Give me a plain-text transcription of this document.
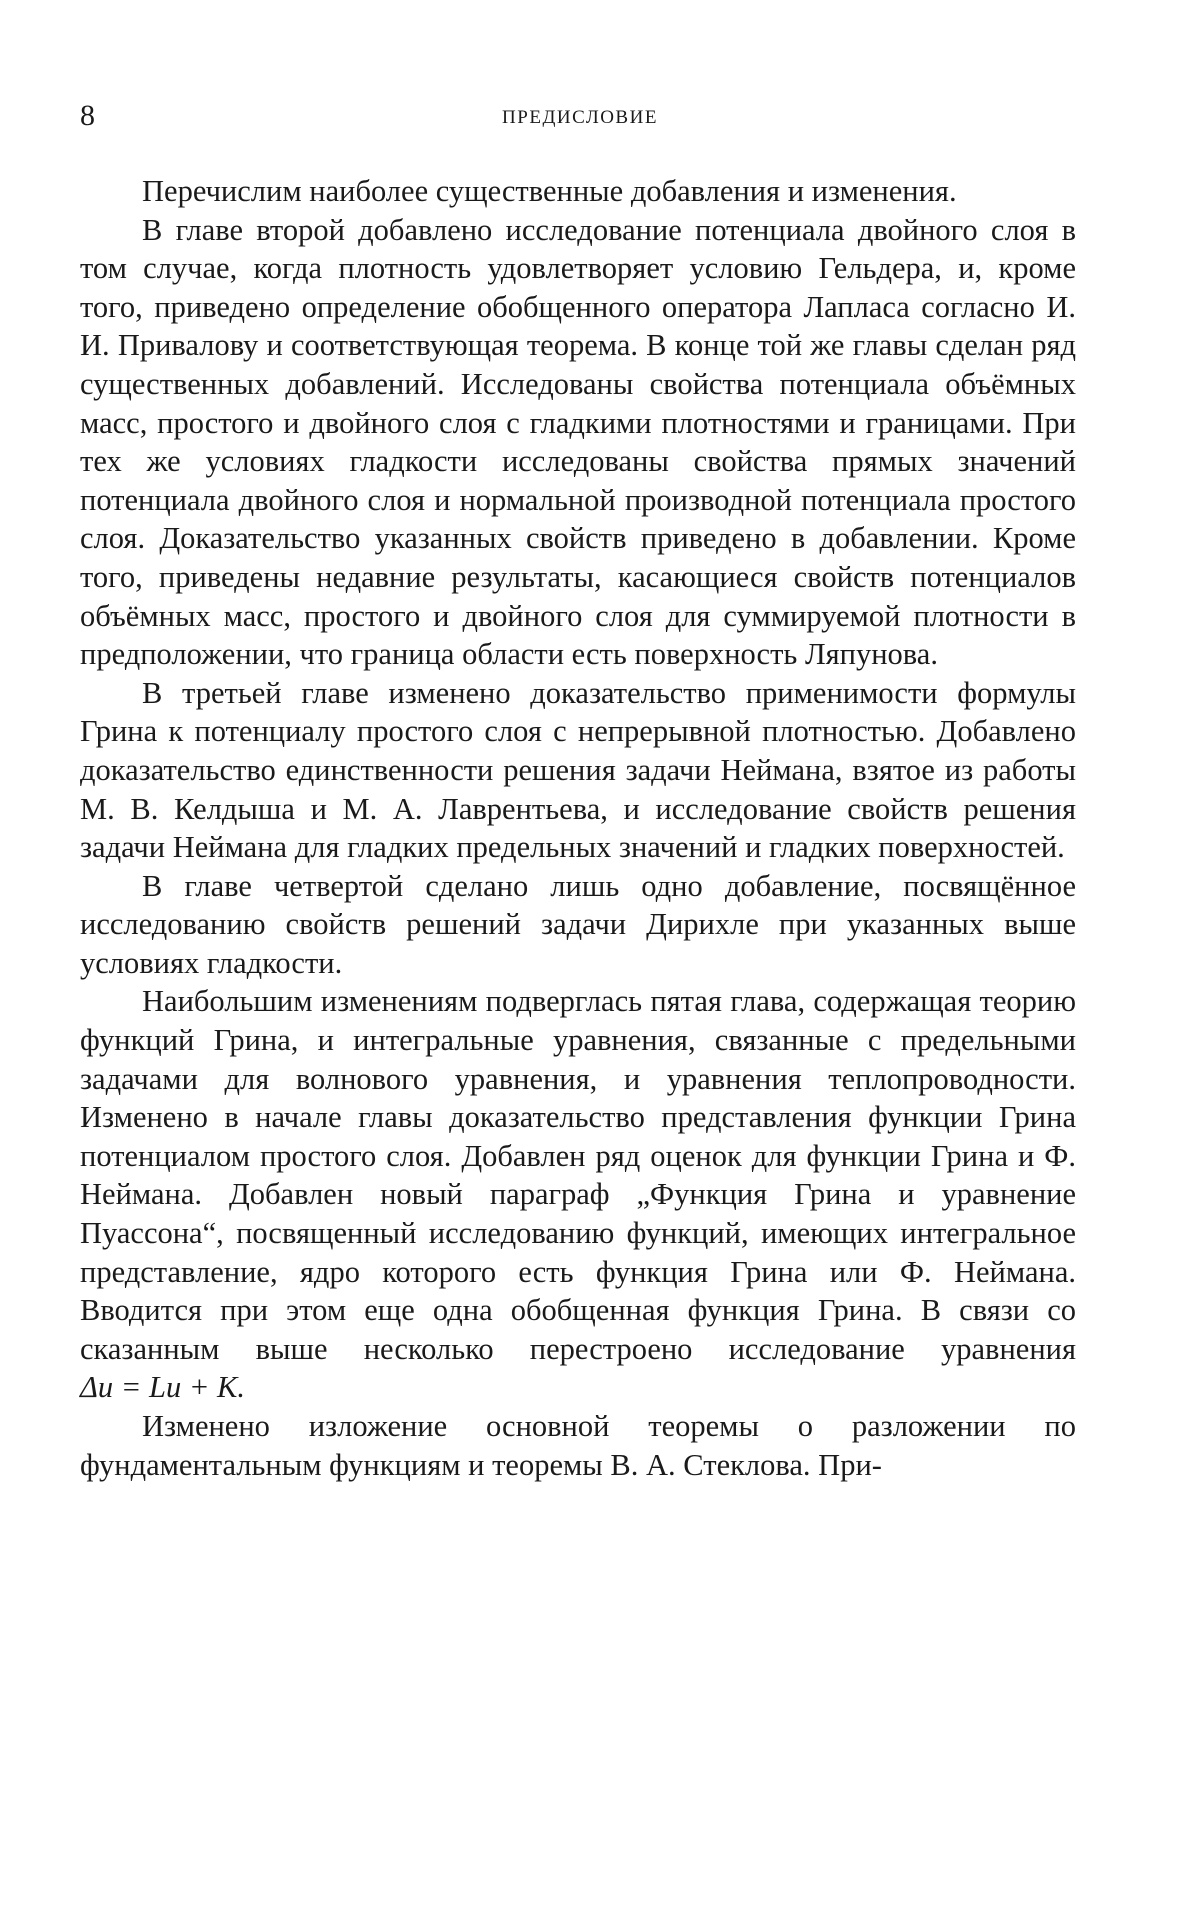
8	ПРЕДИСЛОВИЕ

Перечислим наиболее существенные добавления и изменения.

В главе второй добавлено исследование потенциала двойного слоя в том случае, когда плотность удовлетворяет условию Гельдера, и, кроме того, приведено определение обобщенного оператора Лапласа согласно И. И. Привалову и соответствующая теорема. В конце той же главы сделан ряд существенных добавлений. Исследованы свойства потенциала объёмных масс, простого и двойного слоя с гладкими плотностями и границами. При тех же условиях гладкости исследованы свойства прямых значений потенциала двойного слоя и нормальной производной потенциала простого слоя. Доказательство указанных свойств приведено в добавлении. Кроме того, приведены недавние результаты, касающиеся свойств потенциалов объёмных масс, простого и двойного слоя для суммируемой плотности в предположении, что граница области есть поверхность Ляпунова.

В третьей главе изменено доказательство применимости формулы Грина к потенциалу простого слоя с непрерывной плотностью. Добавлено доказательство единственности решения задачи Неймана, взятое из работы М. В. Келдыша и М. А. Лаврентьева, и исследование свойств решения задачи Неймана для гладких предельных значений и гладких поверхностей.

В главе четвертой сделано лишь одно добавление, посвящённое исследованию свойств решений задачи Дирихле при указанных выше условиях гладкости.

Наибольшим изменениям подверглась пятая глава, содержащая теорию функций Грина, и интегральные уравнения, связанные с предельными задачами для волнового уравнения, и уравнения теплопроводности. Изменено в начале главы доказательство представления функции Грина потенциалом простого слоя. Добавлен ряд оценок для функции Грина и Ф. Неймана. Добавлен новый параграф „Функция Грина и уравнение Пуассона“, посвященный исследованию функций, имеющих интегральное представление, ядро которого есть функция Грина или Ф. Неймана. Вводится при этом еще одна обобщенная функция Грина. В связи со сказанным выше несколько перестроено исследование уравнения Δu = Lu + K.

Изменено изложение основной теоремы о разложении по фундаментальным функциям и теоремы В. А. Стеклова. При-
